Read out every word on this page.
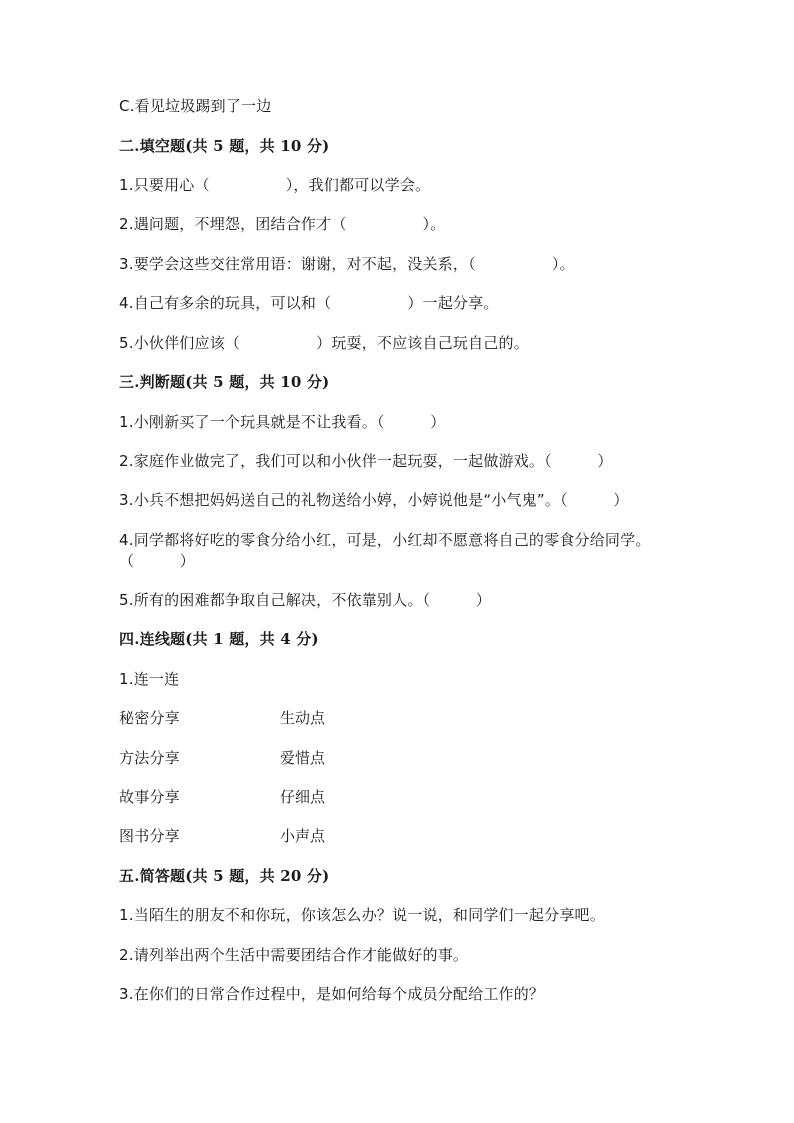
C.看见垃圾踢到了一边
二.填空题(共 5 题，共 10 分)
1.只要用心（　　　　　），我们都可以学会。
2.遇问题，不埋怨，团结合作才（　　　　　）。
3.要学会这些交往常用语：谢谢，对不起，没关系，（　　　　　）。
4.自己有多余的玩具，可以和（　　　　　）一起分享。
5.小伙伴们应该（　　　　　）玩耍，不应该自己玩自己的。
三.判断题(共 5 题，共 10 分)
1.小刚新买了一个玩具就是不让我看。（　　　）
2.家庭作业做完了，我们可以和小伙伴一起玩耍，一起做游戏。（　　　）
3.小兵不想把妈妈送自己的礼物送给小婷，小婷说他是“小气鬼”。（　　　）
4.同学都将好吃的零食分给小红，可是，小红却不愿意将自己的零食分给同学。（　　　）
5.所有的困难都争取自己解决，不依靠别人。（　　　）
四.连线题(共 1 题，共 4 分)
1.连一连
秘密分享	生动点
方法分享	爱惜点
故事分享	仔细点
图书分享	小声点
五.简答题(共 5 题，共 20 分)
1.当陌生的朋友不和你玩，你该怎么办？说一说，和同学们一起分享吧。
2.请列举出两个生活中需要团结合作才能做好的事。
3.在你们的日常合作过程中，是如何给每个成员分配给工作的？
